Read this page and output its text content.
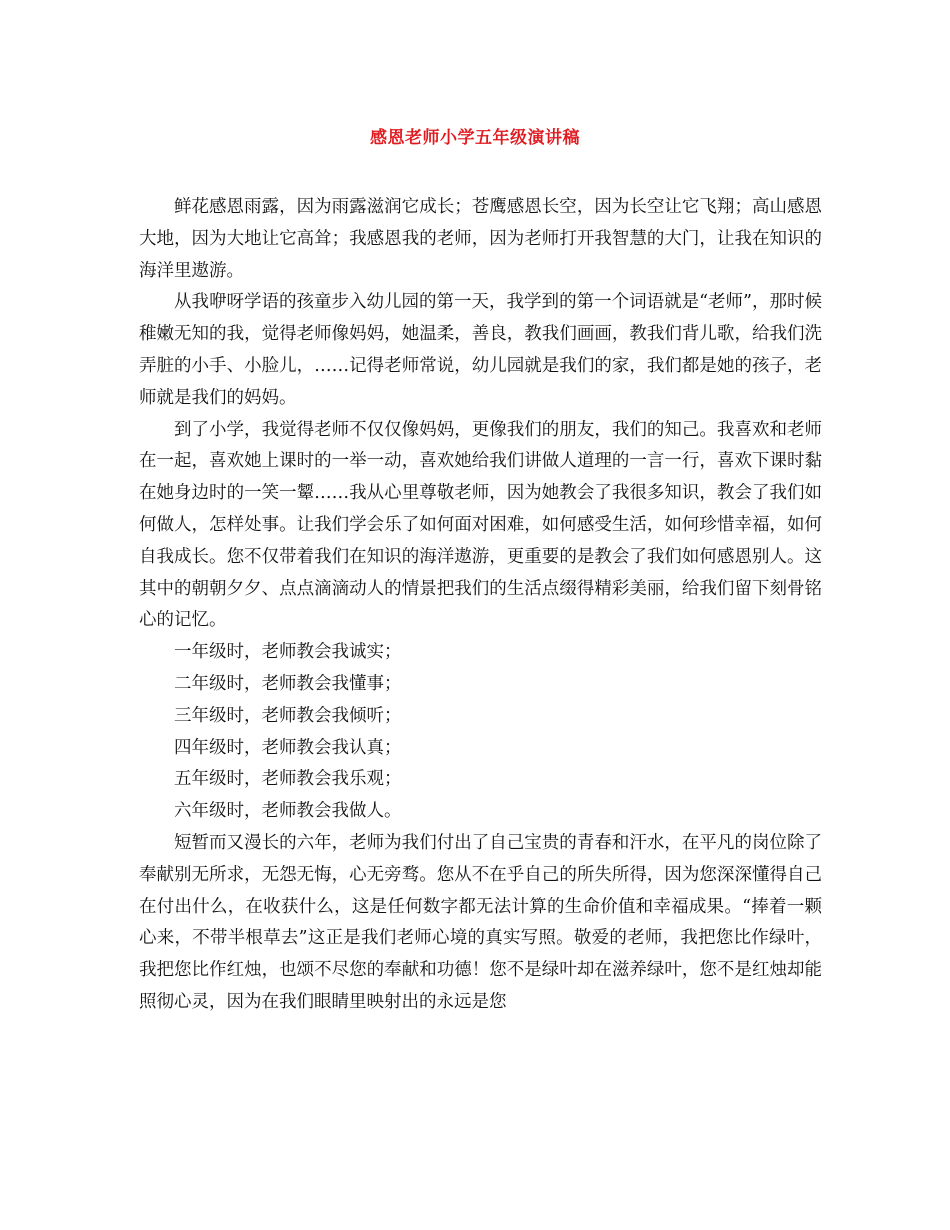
感恩老师小学五年级演讲稿

鲜花感恩雨露，因为雨露滋润它成长；苍鹰感恩长空，因为长空让它飞翔；高山感恩大地，因为大地让它高耸；我感恩我的老师，因为老师打开我智慧的大门，让我在知识的海洋里遨游。

从我咿呀学语的孩童步入幼儿园的第一天，我学到的第一个词语就是“老师”，那时候稚嫩无知的我，觉得老师像妈妈，她温柔，善良，教我们画画，教我们背儿歌，给我们洗弄脏的小手、小脸儿，……记得老师常说，幼儿园就是我们的家，我们都是她的孩子，老师就是我们的妈妈。

到了小学，我觉得老师不仅仅像妈妈，更像我们的朋友，我们的知己。我喜欢和老师在一起，喜欢她上课时的一举一动，喜欢她给我们讲做人道理的一言一行，喜欢下课时黏在她身边时的一笑一颦……我从心里尊敬老师，因为她教会了我很多知识，教会了我们如何做人，怎样处事。让我们学会乐了如何面对困难，如何感受生活，如何珍惜幸福，如何自我成长。您不仅带着我们在知识的海洋遨游，更重要的是教会了我们如何感恩别人。这其中的朝朝夕夕、点点滴滴动人的情景把我们的生活点缀得精彩美丽，给我们留下刻骨铭心的记忆。

一年级时，老师教会我诚实；

二年级时，老师教会我懂事；

三年级时，老师教会我倾听；

四年级时，老师教会我认真；

五年级时，老师教会我乐观；

六年级时，老师教会我做人。

短暂而又漫长的六年，老师为我们付出了自己宝贵的青春和汗水，在平凡的岗位除了奉献别无所求，无怨无悔，心无旁骛。您从不在乎自己的所失所得，因为您深深懂得自己在付出什么，在收获什么，这是任何数字都无法计算的生命价值和幸福成果。“捧着一颗心来，不带半根草去”这正是我们老师心境的真实写照。敬爱的老师，我把您比作绿叶，我把您比作红烛，也颂不尽您的奉献和功德！您不是绿叶却在滋养绿叶，您不是红烛却能照彻心灵，因为在我们眼睛里映射出的永远是您
